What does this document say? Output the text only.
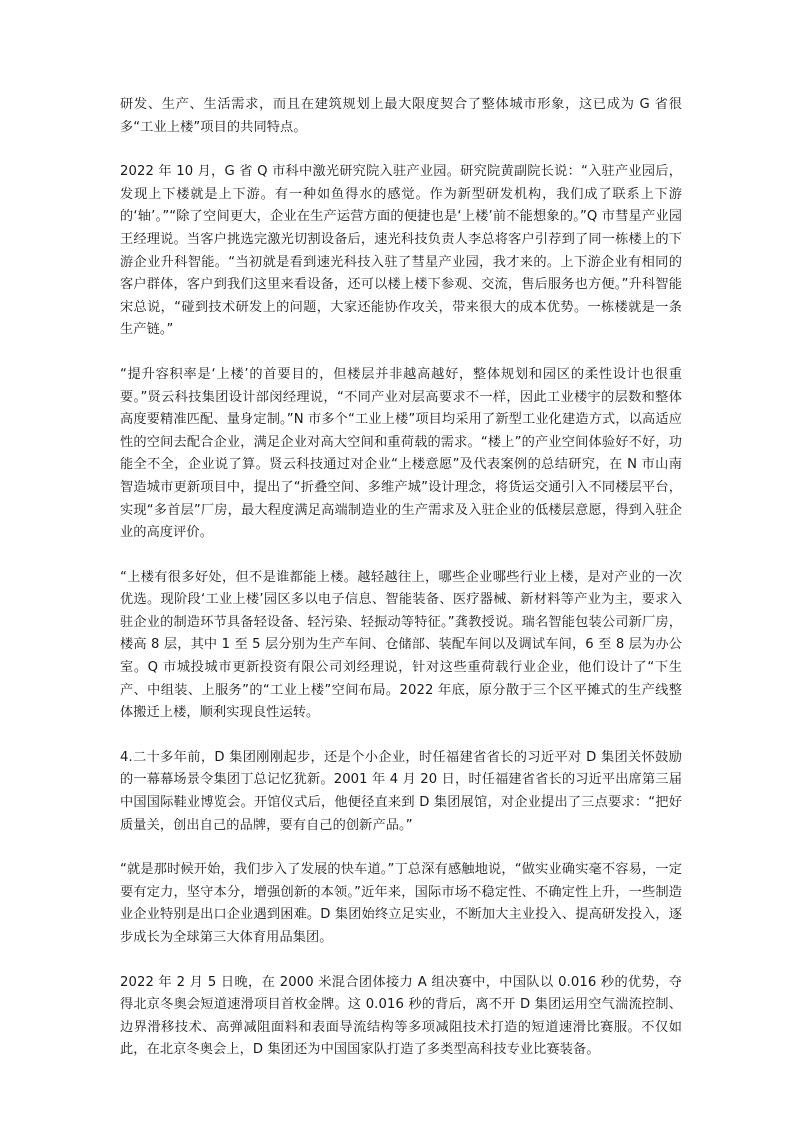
研发、生产、生活需求，而且在建筑规划上最大限度契合了整体城市形象，这已成为 G 省很多“工业上楼”项目的共同特点。

2022 年 10 月，G 省 Q 市科中激光研究院入驻产业园。研究院黄副院长说：“入驻产业园后，发现上下楼就是上下游。有一种如鱼得水的感觉。作为新型研发机构，我们成了联系上下游的‘轴’。”“除了空间更大，企业在生产运营方面的便捷也是‘上楼’前不能想象的。”Q 市彗星产业园王经理说。当客户挑选完激光切割设备后，速光科技负责人李总将客户引荐到了同一栋楼上的下游企业升科智能。“当初就是看到速光科技入驻了彗星产业园，我才来的。上下游企业有相同的客户群体，客户到我们这里来看设备，还可以楼上楼下参观、交流，售后服务也方便。”升科智能宋总说，“碰到技术研发上的问题，大家还能协作攻关，带来很大的成本优势。一栋楼就是一条生产链。”

“提升容积率是‘上楼’的首要目的，但楼层并非越高越好，整体规划和园区的柔性设计也很重要。”贤云科技集团设计部闵经理说，“不同产业对层高要求不一样，因此工业楼宇的层数和整体高度要精准匹配、量身定制。”N 市多个“工业上楼”项目均采用了新型工业化建造方式，以高适应性的空间去配合企业，满足企业对高大空间和重荷载的需求。“楼上”的产业空间体验好不好，功能全不全，企业说了算。贤云科技通过对企业“上楼意愿”及代表案例的总结研究，在 N 市山南智造城市更新项目中，提出了“折叠空间、多维产城”设计理念，将货运交通引入不同楼层平台，实现“多首层”厂房，最大程度满足高端制造业的生产需求及入驻企业的低楼层意愿，得到入驻企业的高度评价。

“上楼有很多好处，但不是谁都能上楼。越轻越往上，哪些企业哪些行业上楼，是对产业的一次优选。现阶段‘工业上楼’园区多以电子信息、智能装备、医疗器械、新材料等产业为主，要求入驻企业的制造环节具备轻设备、轻污染、轻振动等特征。”龚教授说。瑞名智能包装公司新厂房，楼高 8 层，其中 1 至 5 层分别为生产车间、仓储部、装配车间以及调试车间，6 至 8 层为办公室。Q 市城投城市更新投资有限公司刘经理说，针对这些重荷载行业企业，他们设计了“下生产、中组装、上服务”的“工业上楼”空间布局。2022 年底，原分散于三个区平摊式的生产线整体搬迁上楼，顺利实现良性运转。

4.二十多年前，D 集团刚刚起步，还是个小企业，时任福建省省长的习近平对 D 集团关怀鼓励的一幕幕场景令集团丁总记忆犹新。2001 年 4 月 20 日，时任福建省省长的习近平出席第三届中国国际鞋业博览会。开馆仪式后，他便径直来到 D 集团展馆，对企业提出了三点要求：“把好质量关，创出自己的品牌，要有自己的创新产品。”

“就是那时候开始，我们步入了发展的快车道。”丁总深有感触地说，“做实业确实毫不容易，一定要有定力，坚守本分，增强创新的本领。”近年来，国际市场不稳定性、不确定性上升，一些制造业企业特别是出口企业遇到困难。D 集团始终立足实业，不断加大主业投入、提高研发投入，逐步成长为全球第三大体育用品集团。

2022 年 2 月 5 日晚，在 2000 米混合团体接力 A 组决赛中，中国队以 0.016 秒的优势，夺得北京冬奥会短道速滑项目首枚金牌。这 0.016 秒的背后，离不开 D 集团运用空气湍流控制、边界滑移技术、高弹减阻面料和表面导流结构等多项减阻技术打造的短道速滑比赛服。不仅如此，在北京冬奥会上，D 集团还为中国国家队打造了多类型高科技专业比赛装备。
